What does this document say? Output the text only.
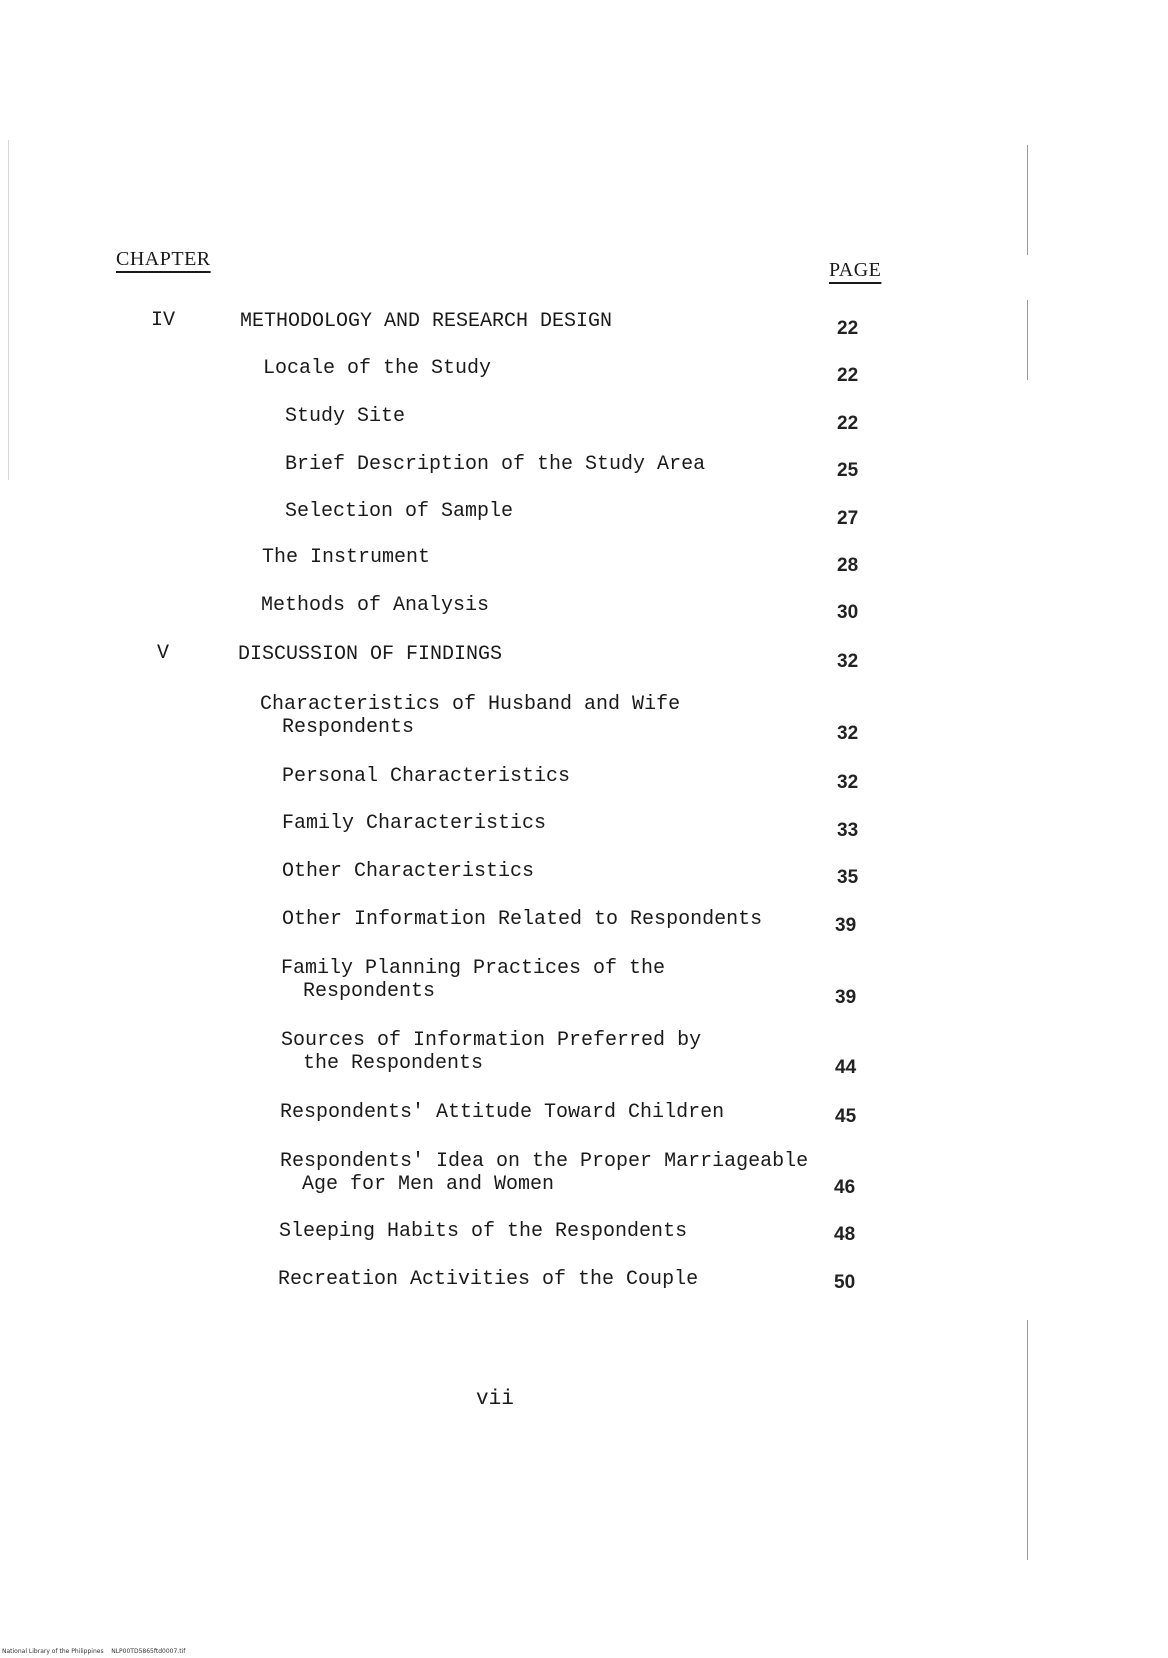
CHAPTER	PAGE
IV	METHODOLOGY AND RESEARCH DESIGN	22
Locale of the Study	22
Study Site	22
Brief Description of the Study Area	25
Selection of Sample	27
The Instrument	28
Methods of Analysis	30
V	DISCUSSION OF FINDINGS	32
Characteristics of Husband and Wife
Respondents	32
Personal Characteristics	32
Family Characteristics	33
Other Characteristics	35
Other Information Related to Respondents	39
Family Planning Practices of the
Respondents	39
Sources of Information Preferred by
the Respondents	44
Respondents' Attitude Toward Children	45
Respondents' Idea on the Proper Marriageable
Age for Men and Women	46
Sleeping Habits of the Respondents	48
Recreation Activities of the Couple	50
vii
National Library of the Philippines NLP00TD5865ftd0007.tif
